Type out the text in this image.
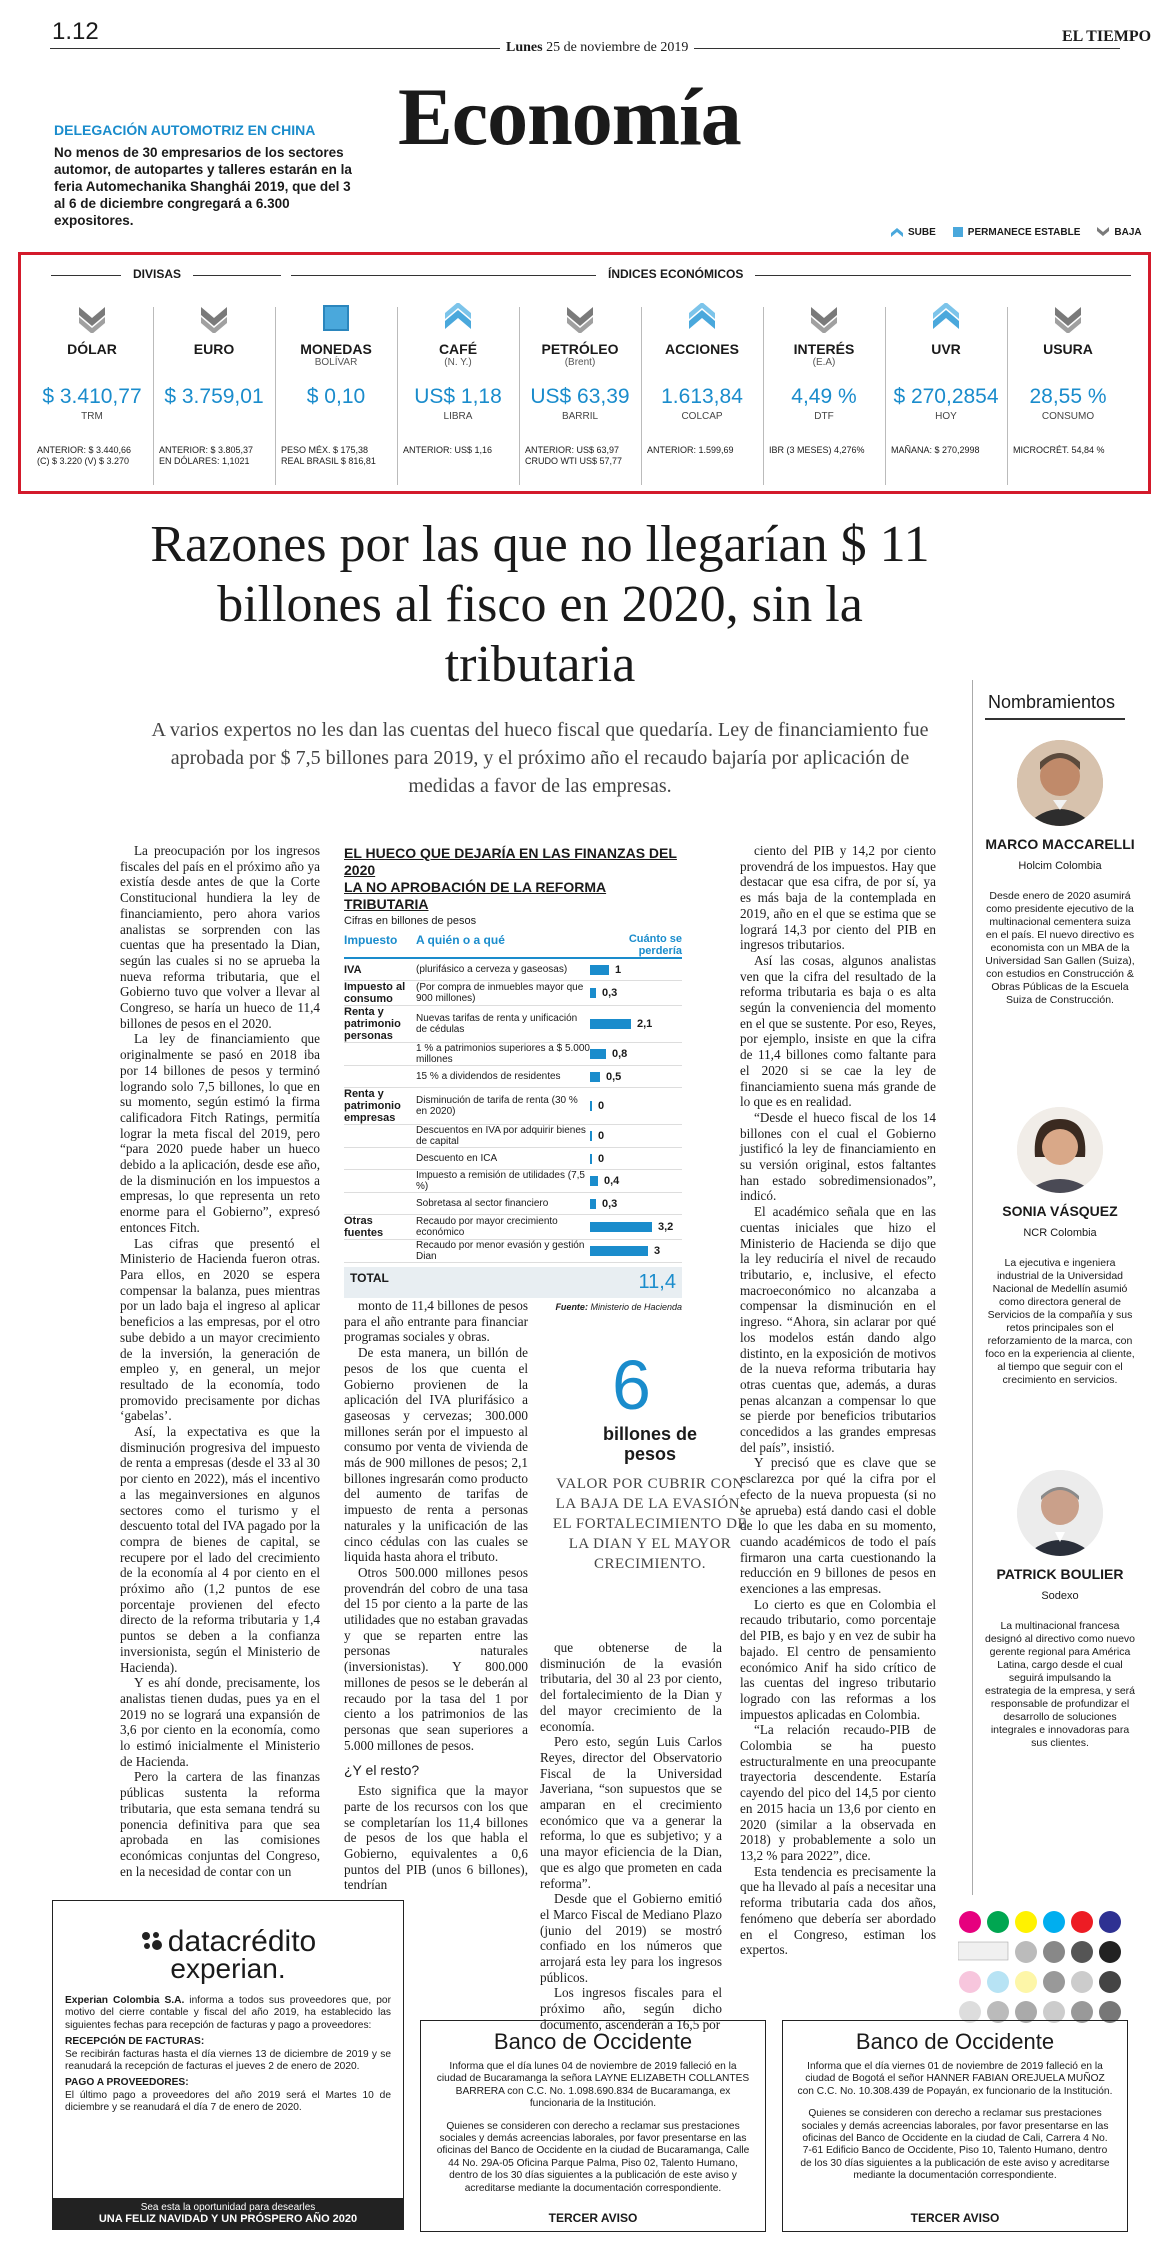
1.12
Lunes 25 de noviembre de 2019
EL TIEMPO
Economía
DELEGACIÓN AUTOMOTRIZ EN CHINA
No menos de 30 empresarios de los sectores automor, de autopartes y talleres estarán en la feria Automechanika Shanghái 2019, que del 3 al 6 de diciembre congregará a 6.300 expositores.
SUBE	PERMANECE ESTABLE	BAJA
DIVISAS	ÍNDICES ECONÓMICOS
DÓLAR
$ 3.410,77
TRM
ANTERIOR: $ 3.440,66
(C) $ 3.220 (V) $ 3.270
EURO
$ 3.759,01
ANTERIOR: $ 3.805,37
EN DÓLARES: 1,1021
MONEDAS
BOLÍVAR
$ 0,10
PESO MÉX. $ 175,38
REAL BRASIL $ 816,81
CAFÉ
(N. Y.)
US$ 1,18
LIBRA
ANTERIOR: US$ 1,16
PETRÓLEO
(Brent)
US$ 63,39
BARRIL
ANTERIOR: US$ 63,97
CRUDO WTI US$ 57,77
ACCIONES
1.613,84
COLCAP
ANTERIOR: 1.599,69
INTERÉS
(E.A)
4,49 %
DTF
IBR (3 MESES) 4,276%
UVR
$ 270,2854
HOY
MAÑANA: $ 270,2998
USURA
28,55 %
CONSUMO
MICROCRÉT. 54,84 %
Razones por las que no llegarían $ 11 billones al fisco en 2020, sin la tributaria
A varios expertos no les dan las cuentas del hueco fiscal que quedaría. Ley de financiamiento fue aprobada por $ 7,5 billones para 2019, y el próximo año el recaudo bajaría por aplicación de medidas a favor de las empresas.

La preocupación por los ingresos fiscales del país en el próximo año ya existía desde antes de que la Corte Constitucional hundiera la ley de financiamiento, pero ahora varios analistas se sorprenden con las cuentas que ha presentado la Dian, según las cuales si no se aprueba la nueva reforma tributaria, que el Gobierno tuvo que volver a llevar al Congreso, se haría un hueco de 11,4 billones de pesos en el 2020.

La ley de financiamiento que originalmente se pasó en 2018 iba por 14 billones de pesos y terminó logrando solo 7,5 billones, lo que en su momento, según estimó la firma calificadora Fitch Ratings, permitía lograr la meta fiscal del 2019, pero “para 2020 puede haber un hueco debido a la aplicación, desde ese año, de la disminución en los impuestos a empresas, lo que representa un reto enorme para el Gobierno”, expresó entonces Fitch.

Las cifras que presentó el Ministerio de Hacienda fueron otras. Para ellos, en 2020 se espera compensar la balanza, pues mientras por un lado baja el ingreso al aplicar beneficios a las empresas, por el otro sube debido a un mayor crecimiento de la inversión, la generación de empleo y, en general, un mejor resultado de la economía, todo promovido precisamente por dichas ‘gabelas’.

Así, la expectativa es que la disminución progresiva del impuesto de renta a empresas (desde el 33 al 30 por ciento en 2022), más el incentivo a las megainversiones en algunos sectores como el turismo y el descuento total del IVA pagado por la compra de bienes de capital, se recupere por el lado del crecimiento de la economía al 4 por ciento en el próximo año (1,2 puntos de ese porcentaje provienen del efecto directo de la reforma tributaria y 1,4 puntos se deben a la confianza inversionista, según el Ministerio de Hacienda).

Y es ahí donde, precisamente, los analistas tienen dudas, pues ya en el 2019 no se logrará una expansión de 3,6 por ciento en la economía, como lo estimó inicialmente el Ministerio de Hacienda.

Pero la cartera de las finanzas públicas sustenta la reforma tributaria, que esta semana tendrá su ponencia definitiva para que sea aprobada en las comisiones económicas conjuntas del Congreso, en la necesidad de contar con un

monto de 11,4 billones de pesos para el año entrante para financiar programas sociales y obras.

De esta manera, un billón de pesos de los que cuenta el Gobierno provienen de la aplicación del IVA plurifásico a gaseosas y cervezas; 300.000 millones serán por el impuesto al consumo por venta de vivienda de más de 900 millones de pesos; 2,1 billones ingresarán como producto del aumento de tarifas de impuesto de renta a personas naturales y la unificación de las cinco cédulas con las cuales se liquida hasta ahora el tributo.

Otros 500.000 millones pesos provendrán del cobro de una tasa del 15 por ciento a la parte de las utilidades que no estaban gravadas y que se reparten entre las personas naturales (inversionistas). Y 800.000 millones de pesos se le deberán al recaudo por la tasa del 1 por ciento a los patrimonios de las personas que sean superiores a 5.000 millones de pesos.

¿Y el resto?

Esto significa que la mayor parte de los recursos con los que se completarían los 11,4 billones de pesos de los que habla el Gobierno, equivalentes a 0,6 puntos del PIB (unos 6 billones), tendrían

que obtenerse de la disminución de la evasión tributaria, del 30 al 23 por ciento, del fortalecimiento de la Dian y del mayor crecimiento de la economía.

Pero esto, según Luis Carlos Reyes, director del Observatorio Fiscal de la Universidad Javeriana, “son supuestos que se amparan en el crecimiento económico que va a generar la reforma, lo que es subjetivo; y a una mayor eficiencia de la Dian, que es algo que prometen en cada reforma”.

Desde que el Gobierno emitió el Marco Fiscal de Mediano Plazo (junio del 2019) se mostró confiado en los números que arrojará esta ley para los ingresos públicos.

Los ingresos fiscales para el próximo año, según dicho documento, ascenderán a 16,5 por

ciento del PIB y 14,2 por ciento provendrá de los impuestos. Hay que destacar que esa cifra, de por sí, ya es más baja de la contemplada en 2019, año en el que se estima que se logrará 14,3 por ciento del PIB en ingresos tributarios.

Así las cosas, algunos analistas ven que la cifra del resultado de la reforma tributaria es baja o es alta según la conveniencia del momento en el que se sustente. Por eso, Reyes, por ejemplo, insiste en que la cifra de 11,4 billones como faltante para el 2020 si se cae la ley de financiamiento suena más grande de lo que es en realidad.

“Desde el hueco fiscal de los 14 billones con el cual el Gobierno justificó la ley de financiamiento en su versión original, estos faltantes han estado sobredimensionados”, indicó.

El académico señala que en las cuentas iniciales que hizo el Ministerio de Hacienda se dijo que la ley reduciría el nivel de recaudo tributario, e, inclusive, el efecto macroeconómico no alcanzaba a compensar la disminución en el ingreso. “Ahora, sin aclarar por qué los modelos están dando algo distinto, en la exposición de motivos de la nueva reforma tributaria hay otras cuentas que, además, a duras penas alcanzan a compensar lo que se pierde por beneficios tributarios concedidos a las grandes empresas del país”, insistió.

Y precisó que es clave que se esclarezca por qué la cifra por el efecto de la nueva propuesta (si no se aprueba) está dando casi el doble de lo que les daba en su momento, cuando académicos de todo el país firmaron una carta cuestionando la reducción en 9 billones de pesos en exenciones a las empresas.

Lo cierto es que en Colombia el recaudo tributario, como porcentaje del PIB, es bajo y en vez de subir ha bajado. El centro de pensamiento económico Anif ha sido crítico de las cuentas del ingreso tributario logrado con las reformas a los impuestos aplicadas en Colombia.

“La relación recaudo-PIB de Colombia se ha puesto estructuralmente en una preocupante trayectoria descendente. Estaría cayendo del pico del 14,5 por ciento en 2015 hacia un 13,6 por ciento en 2020 (similar a la observada en 2018) y probablemente a solo un 13,2 % para 2022”, dice.

Esta tendencia es precisamente la que ha llevado al país a necesitar una reforma tributaria cada dos años, fenómeno que debería ser abordado en el Congreso, estiman los expertos.

EL HUECO QUE DEJARÍA EN LAS FINANZAS DEL 2020
LA NO APROBACIÓN DE LA REFORMA TRIBUTARIA
Cifras en billones de pesos
Impuesto	A quién o a qué	Cuánto se perdería
IVA	(plurifásico a cerveza y gaseosas)	1
Impuesto al consumo
(Por compra de inmuebles mayor que 900 millones)	0,3
Renta y patrimonio personas
Nuevas tarifas de renta y unificación de cédulas	2,1
1 % a patrimonios superiores a $ 5.000 millones	0,8
15 % a dividendos de residentes	0,5
Renta y patrimonio empresas
Disminución de tarifa de renta (30 % en 2020)	0
Descuentos en IVA por adquirir bienes de capital	0
Descuento en ICA	0
Impuesto a remisión de utilidades (7,5 %)	0,4
Sobretasa al sector financiero	0,3
Otras fuentes
Recaudo por mayor crecimiento económico	3,2
Recaudo por menor evasión y gestión Dian	3
TOTAL	11,4
Fuente: Ministerio de Hacienda
6
billones de pesos
VALOR POR CUBRIR CON LA BAJA DE LA EVASIÓN, EL FORTALECIMIENTO DE LA DIAN Y EL MAYOR CRECIMIENTO.
Nombramientos
MARCO MACCARELLI
Holcim Colombia
Desde enero de 2020 asumirá como presidente ejecutivo de la multinacional cementera suiza en el país. El nuevo directivo es economista con un MBA de la Universidad San Gallen (Suiza), con estudios en Construcción & Obras Públicas de la Escuela Suiza de Construcción.
SONIA VÁSQUEZ
NCR Colombia
La ejecutiva e ingeniera industrial de la Universidad Nacional de Medellín asumió como directora general de Servicios de la compañía y sus retos principales son el reforzamiento de la marca, con foco en la experiencia al cliente, al tiempo que seguir con el crecimiento en servicios.
PATRICK BOULIER
Sodexo
La multinacional francesa designó al directivo como nuevo gerente regional para América Latina, cargo desde el cual seguirá impulsando la estrategia de la empresa, y será responsable de profundizar el desarrollo de soluciones integrales e innovadoras para sus clientes.
datacrédito
experian.
Experian Colombia S.A. informa a todos sus proveedores que, por motivo del cierre contable y fiscal del año 2019, ha establecido las siguientes fechas para recepción de facturas y pago a proveedores:
RECEPCIÓN DE FACTURAS:
Se recibirán facturas hasta el día viernes 13 de diciembre de 2019 y se reanudará la recepción de facturas el jueves 2 de enero de 2020.
PAGO A PROVEEDORES:
El último pago a proveedores del año 2019 será el Martes 10 de diciembre y se reanudará el día 7 de enero de 2020.
Sea esta la oportunidad para desearles
UNA FELIZ NAVIDAD Y UN PRÓSPERO AÑO 2020
Banco de Occidente
Informa que el día lunes 04 de noviembre de 2019 falleció en la ciudad de Bucaramanga la señora LAYNE ELIZABETH COLLANTES BARRERA con C.C. No. 1.098.690.834 de Bucaramanga, ex funcionaria de la Institución.
Quienes se consideren con derecho a reclamar sus prestaciones sociales y demás acreencias laborales, por favor presentarse en las oficinas del Banco de Occidente en la ciudad de Bucaramanga, Calle 44 No. 29A-05 Oficina Parque Palma, Piso 02, Talento Humano, dentro de los 30 días siguientes a la publicación de este aviso y acreditarse mediante la documentación correspondiente.
TERCER AVISO
Banco de Occidente
Informa que el día viernes 01 de noviembre de 2019 falleció en la ciudad de Bogotá el señor HANNER FABIAN OREJUELA MUÑOZ con C.C. No. 10.308.439 de Popayán, ex funcionario de la Institución.
Quienes se consideren con derecho a reclamar sus prestaciones sociales y demás acreencias laborales, por favor presentarse en las oficinas del Banco de Occidente en la ciudad de Cali, Carrera 4 No. 7-61 Edificio Banco de Occidente, Piso 10, Talento Humano, dentro de los 30 días siguientes a la publicación de este aviso y acreditarse mediante la documentación correspondiente.
TERCER AVISO
